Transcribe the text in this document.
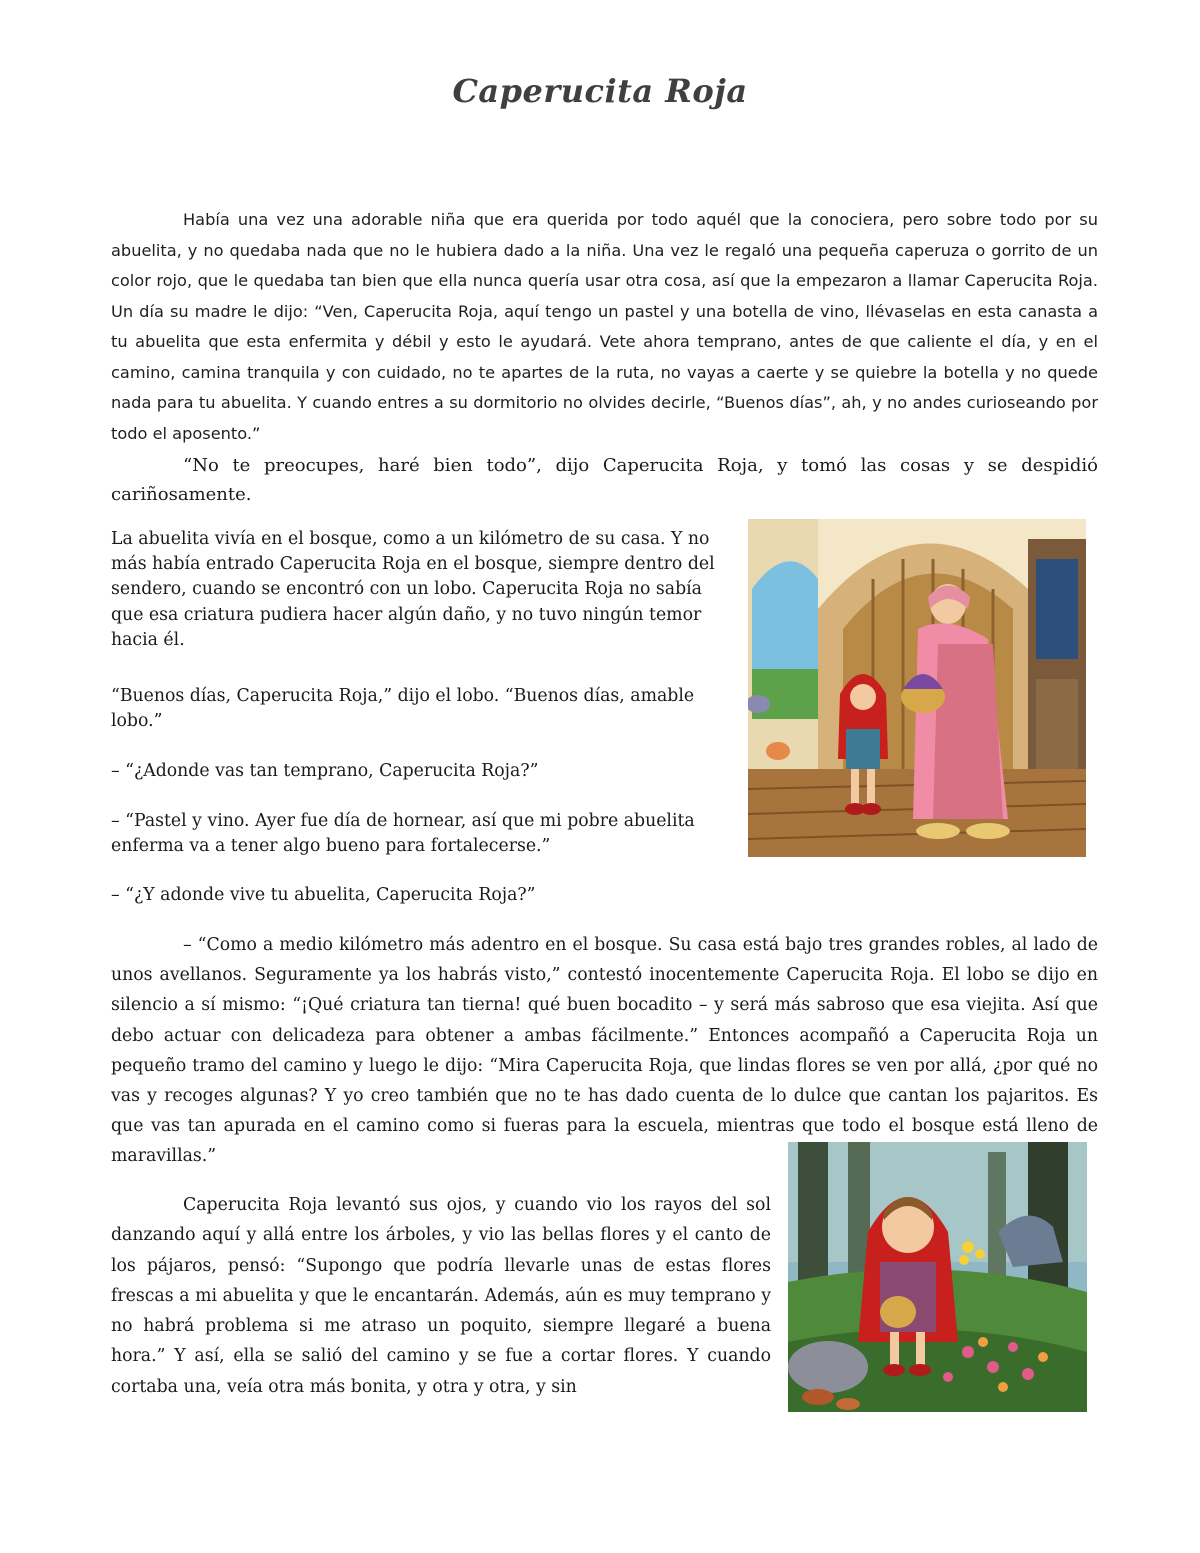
Caperucita Roja

Había una vez una adorable niña que era querida por todo aquél que la conociera, pero sobre todo por su abuelita, y no quedaba nada que no le hubiera dado a la niña. Una vez le regaló una pequeña caperuza o gorrito de un color rojo, que le quedaba tan bien que ella nunca quería usar otra cosa, así que la empezaron a llamar Caperucita Roja. Un día su madre le dijo: “Ven, Caperucita Roja, aquí tengo un pastel y una botella de vino, llévaselas en esta canasta a tu abuelita que esta enfermita y débil y esto le ayudará. Vete ahora temprano, antes de que caliente el día, y en el camino, camina tranquila y con cuidado, no te apartes de la ruta, no vayas a caerte y se quiebre la botella y no quede nada para tu abuelita. Y cuando entres a su dormitorio no olvides decirle, “Buenos días”, ah, y no andes curioseando por todo el aposento.”

“No te preocupes, haré bien todo”, dijo Caperucita Roja, y tomó las cosas y se despidió cariñosamente.

La abuelita vivía en el bosque, como a un kilómetro de su casa. Y no más había entrado Caperucita Roja en el bosque, siempre dentro del sendero, cuando se encontró con un lobo. Caperucita Roja no sabía que esa criatura pudiera hacer algún daño, y no tuvo ningún temor hacia él.

“Buenos días, Caperucita Roja,” dijo el lobo. “Buenos días, amable lobo.”

– “¿Adonde vas tan temprano, Caperucita Roja?”

– “Pastel y vino. Ayer fue día de hornear, así que mi pobre abuelita enferma va a tener algo bueno para fortalecerse.”

– “¿Y adonde vive tu abuelita, Caperucita Roja?”

– “Como a medio kilómetro más adentro en el bosque. Su casa está bajo tres grandes robles, al lado de unos avellanos. Seguramente ya los habrás visto,” contestó inocentemente Caperucita Roja. El lobo se dijo en silencio a sí mismo: “¡Qué criatura tan tierna! qué buen bocadito – y será más sabroso que esa viejita. Así que debo actuar con delicadeza para obtener a ambas fácilmente.” Entonces acompañó a Caperucita Roja un pequeño tramo del camino y luego le dijo: “Mira Caperucita Roja, que lindas flores se ven por allá, ¿por qué no vas y recoges algunas? Y yo creo también que no te has dado cuenta de lo dulce que cantan los pajaritos. Es que vas tan apurada en el camino como si fueras para la escuela, mientras que todo el bosque está lleno de maravillas.”

Caperucita Roja levantó sus ojos, y cuando vio los rayos del sol danzando aquí y allá entre los árboles, y vio las bellas flores y el canto de los pájaros, pensó: “Supongo que podría llevarle unas de estas flores frescas a mi abuelita y que le encantarán. Además, aún es muy temprano y no habrá problema si me atraso un poquito, siempre llegaré a buena hora.” Y así, ella se salió del camino y se fue a cortar flores. Y cuando cortaba una, veía otra más bonita, y otra y otra, y sin
